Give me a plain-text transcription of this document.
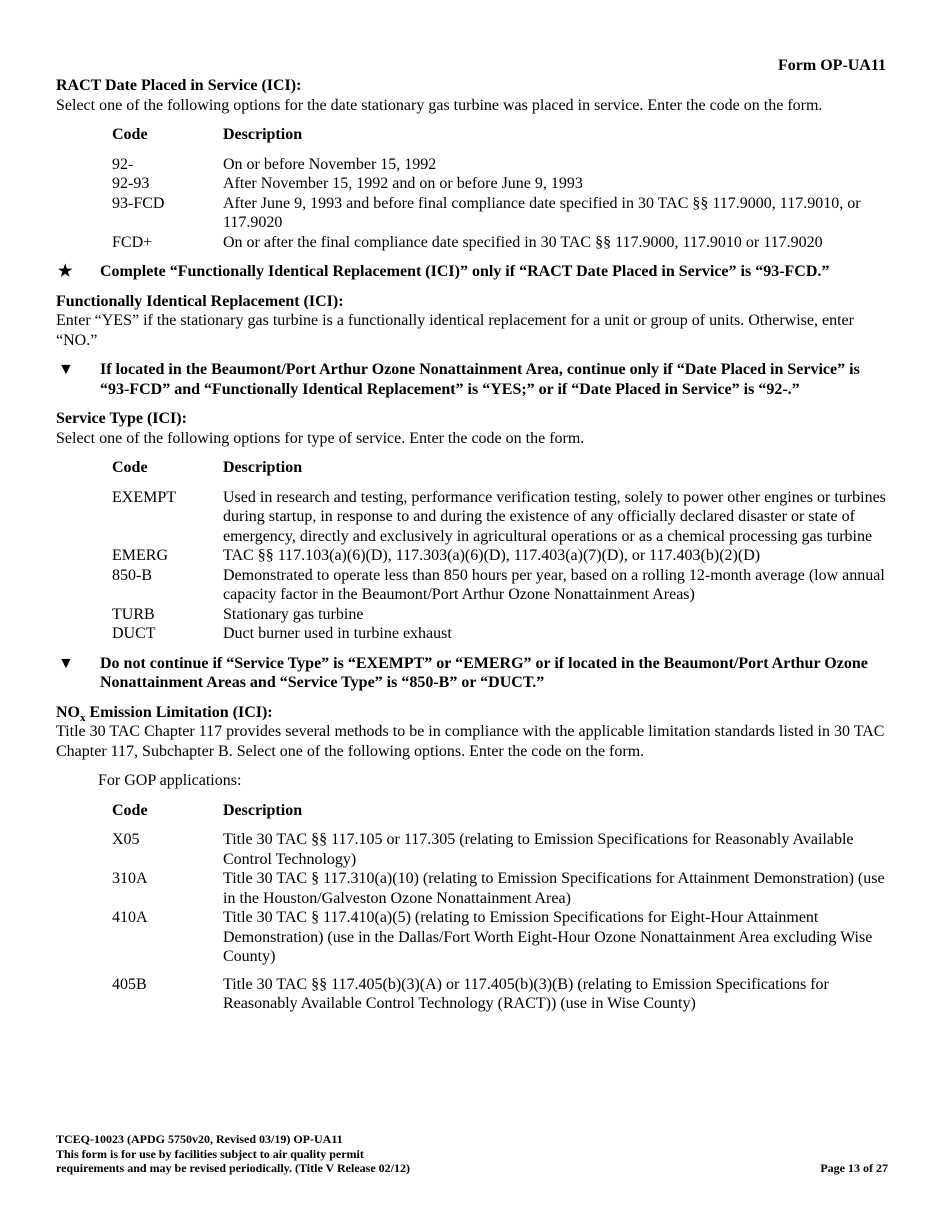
Form OP-UA11
RACT Date Placed in Service (ICI):

Select one of the following options for the date stationary gas turbine was placed in service. Enter the code on the form.

Code	Description
92-	On or before November 15, 1992
92-93	After November 15, 1992 and on or before June 9, 1993
93-FCD	After June 9, 1993 and before final compliance date specified in 30 TAC §§ 117.9000, 117.9010, or 117.9020
FCD+	On or after the final compliance date specified in 30 TAC §§ 117.9000, 117.9010 or 117.9020
★	Complete “Functionally Identical Replacement (ICI)” only if “RACT Date Placed in Service” is “93-FCD.”
Functionally Identical Replacement (ICI):

Enter “YES” if the stationary gas turbine is a functionally identical replacement for a unit or group of units. Otherwise, enter “NO.”

▼	If located in the Beaumont/Port Arthur Ozone Nonattainment Area, continue only if “Date Placed in Service” is “93-FCD” and “Functionally Identical Replacement” is “YES;” or if “Date Placed in Service” is “92-.”
Service Type (ICI):

Select one of the following options for type of service. Enter the code on the form.

Code	Description
EXEMPT	Used in research and testing, performance verification testing, solely to power other engines or turbines during startup, in response to and during the existence of any officially declared disaster or state of emergency, directly and exclusively in agricultural operations or as a chemical processing gas turbine
EMERG	TAC §§ 117.103(a)(6)(D), 117.303(a)(6)(D), 117.403(a)(7)(D), or 117.403(b)(2)(D)
850-B	Demonstrated to operate less than 850 hours per year, based on a rolling 12-month average (low annual capacity factor in the Beaumont/Port Arthur Ozone Nonattainment Areas)
TURB	Stationary gas turbine
DUCT	Duct burner used in turbine exhaust
▼	Do not continue if “Service Type” is “EXEMPT” or “EMERG” or if located in the Beaumont/Port Arthur Ozone Nonattainment Areas and “Service Type” is “850-B” or “DUCT.”
$NO_x$ Emission Limitation (ICI):

Title 30 TAC Chapter 117 provides several methods to be in compliance with the applicable limitation standards listed in 30 TAC Chapter 117, Subchapter B. Select one of the following options. Enter the code on the form.

For GOP applications:
Code	Description
X05	Title 30 TAC §§ 117.105 or 117.305 (relating to Emission Specifications for Reasonably Available Control Technology)
310A	Title 30 TAC § 117.310(a)(10) (relating to Emission Specifications for Attainment Demonstration) (use in the Houston/Galveston Ozone Nonattainment Area)
410A	Title 30 TAC § 117.410(a)(5) (relating to Emission Specifications for Eight-Hour Attainment Demonstration) (use in the Dallas/Fort Worth Eight-Hour Ozone Nonattainment Area excluding Wise County)
405B	Title 30 TAC §§ 117.405(b)(3)(A) or 117.405(b)(3)(B) (relating to Emission Specifications for Reasonably Available Control Technology (RACT)) (use in Wise County)
TCEQ-10023 (APDG 5750v20, Revised 03/19) OP-UA11
This form is for use by facilities subject to air quality permit
requirements and may be revised periodically. (Title V Release 02/12)	Page 13 of 27
